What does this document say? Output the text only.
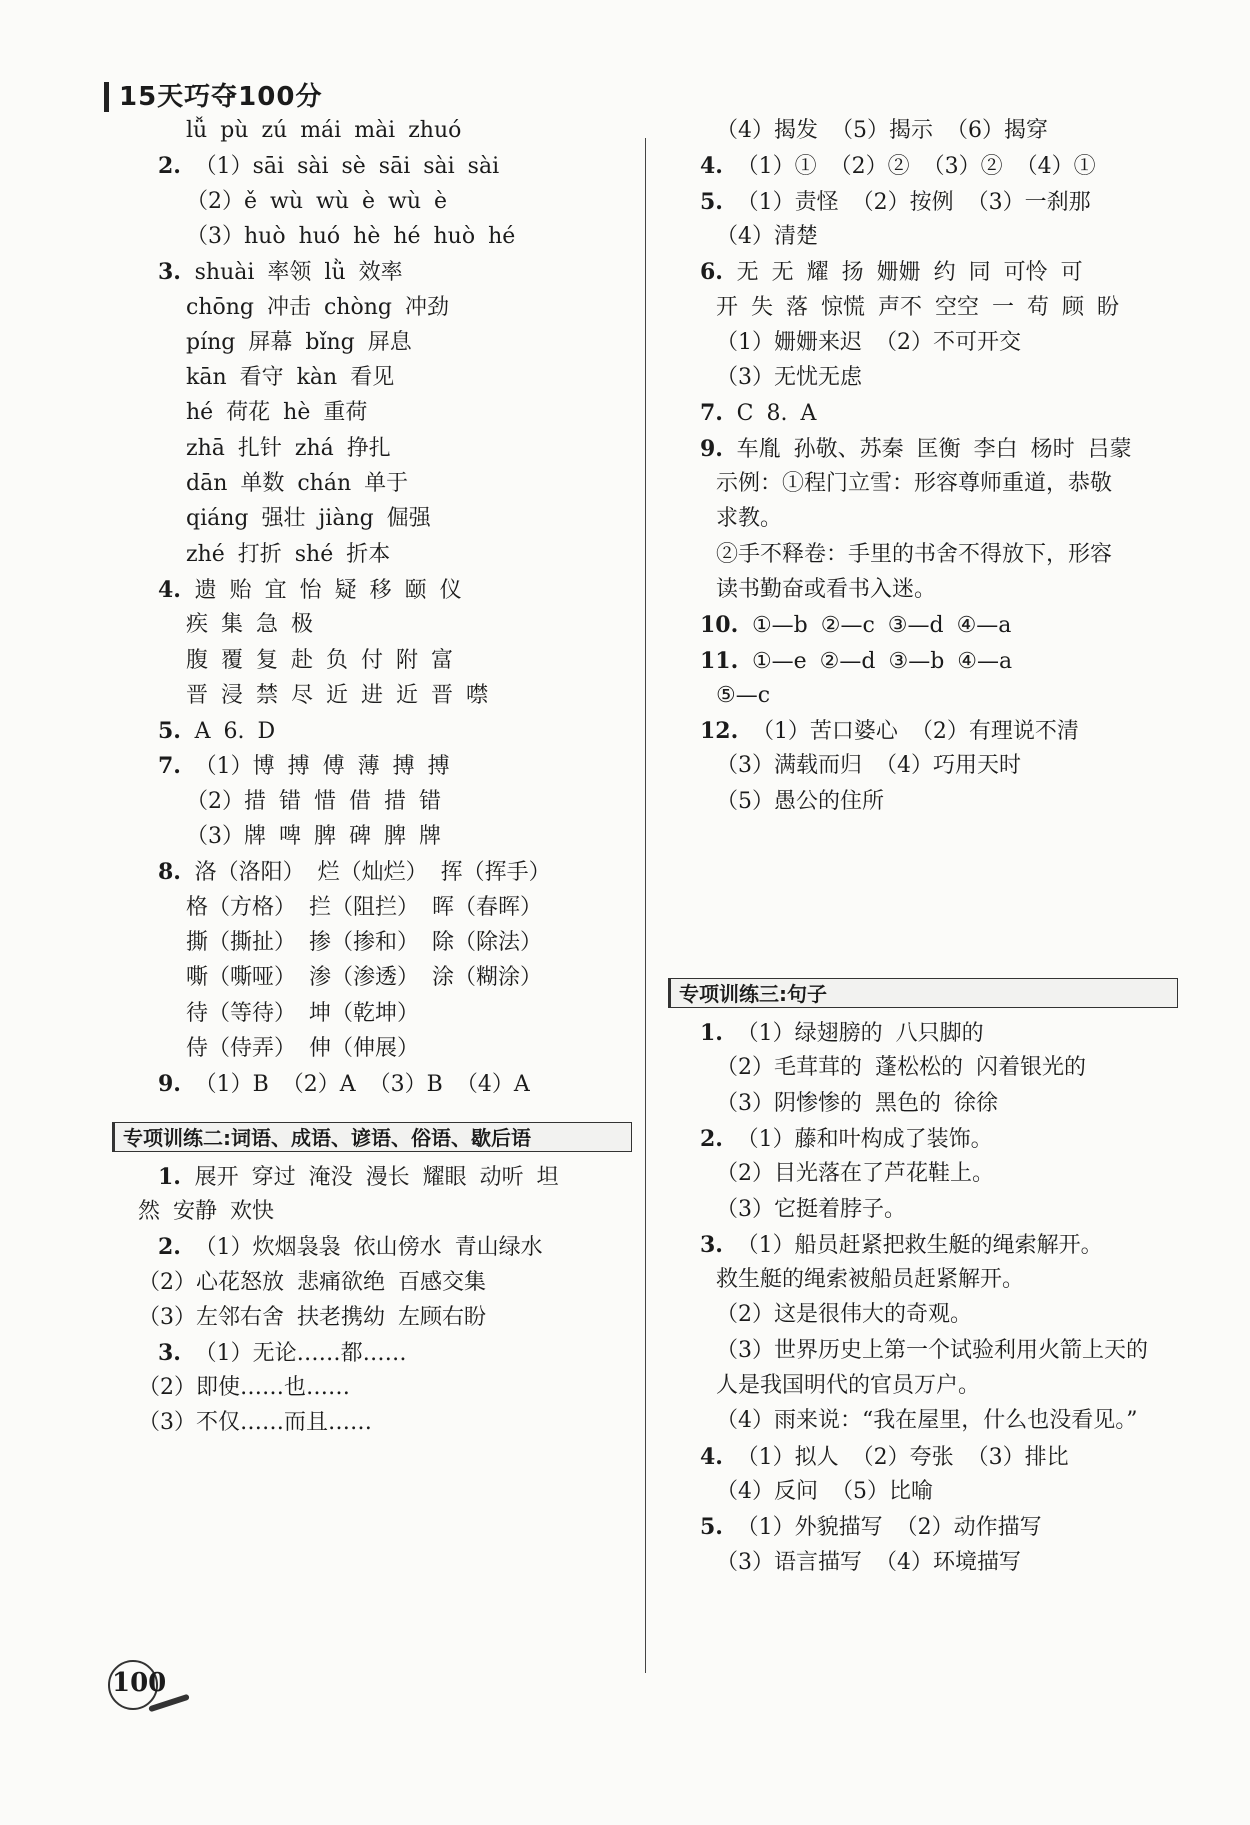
15天巧夺100分
lǚ pù zú mái mài zhuó
2. （1）sāi sài sè sāi sài sài
（2）ě wù wù è wù è
（3）huò huó hè hé huò hé
3. shuài 率领 lǜ 效率
chōng 冲击 chòng 冲劲
píng 屏幕 bǐng 屏息
kān 看守 kàn 看见
hé 荷花 hè 重荷
zhā 扎针 zhá 挣扎
dān 单数 chán 单于
qiáng 强壮 jiàng 倔强
zhé 打折 shé 折本
4. 遗 贻 宜 怡 疑 移 颐 仪
疾 集 急 极
腹 覆 复 赴 负 付 附 富
晋 浸 禁 尽 近 进 近 晋 噤
5. A 6. D
7. （1）博 搏 傅 薄 搏 搏
（2）措 错 惜 借 措 错
（3）牌 啤 脾 碑 脾 牌
8. 洛（洛阳） 烂（灿烂） 挥（挥手）
格（方格） 拦（阻拦） 晖（春晖）
撕（撕扯） 掺（掺和） 除（除法）
嘶（嘶哑） 渗（渗透） 涂（糊涂）
待（等待） 坤（乾坤）
侍（侍弄） 伸（伸展）
9. （1）B （2）A （3）B （4）A
专项训练二:词语、成语、谚语、俗语、歇后语
1. 展开 穿过 淹没 漫长 耀眼 动听 坦
然 安静 欢快
2. （1）炊烟袅袅 依山傍水 青山绿水
（2）心花怒放 悲痛欲绝 百感交集
（3）左邻右舍 扶老携幼 左顾右盼
3. （1）无论……都……
（2）即使……也……
（3）不仅……而且……
（4）揭发 （5）揭示 （6）揭穿
4. （1）① （2）② （3）② （4）①
5. （1）责怪 （2）按例 （3）一刹那
（4）清楚
6. 无 无 耀 扬 姗姗 约 同 可怜 可
开 失 落 惊慌 声不 空空 一 苟 顾 盼
（1）姗姗来迟 （2）不可开交
（3）无忧无虑
7. C 8. A
9. 车胤 孙敬、苏秦 匡衡 李白 杨时 吕蒙
示例：①程门立雪：形容尊师重道，恭敬
求教。
②手不释卷：手里的书舍不得放下，形容
读书勤奋或看书入迷。
10. ①—b ②—c ③—d ④—a
11. ①—e ②—d ③—b ④—a
⑤—c
12. （1）苦口婆心 （2）有理说不清
（3）满载而归 （4）巧用天时
（5）愚公的住所
专项训练三:句子
1. （1）绿翅膀的 八只脚的
（2）毛茸茸的 蓬松松的 闪着银光的
（3）阴惨惨的 黑色的 徐徐
2. （1）藤和叶构成了装饰。
（2）目光落在了芦花鞋上。
（3）它挺着脖子。
3. （1）船员赶紧把救生艇的绳索解开。
救生艇的绳索被船员赶紧解开。
（2）这是很伟大的奇观。
（3）世界历史上第一个试验利用火箭上天的
人是我国明代的官员万户。
（4）雨来说：“我在屋里，什么也没看见。”
4. （1）拟人 （2）夸张 （3）排比
（4）反问 （5）比喻
5. （1）外貌描写 （2）动作描写
（3）语言描写 （4）环境描写
100
